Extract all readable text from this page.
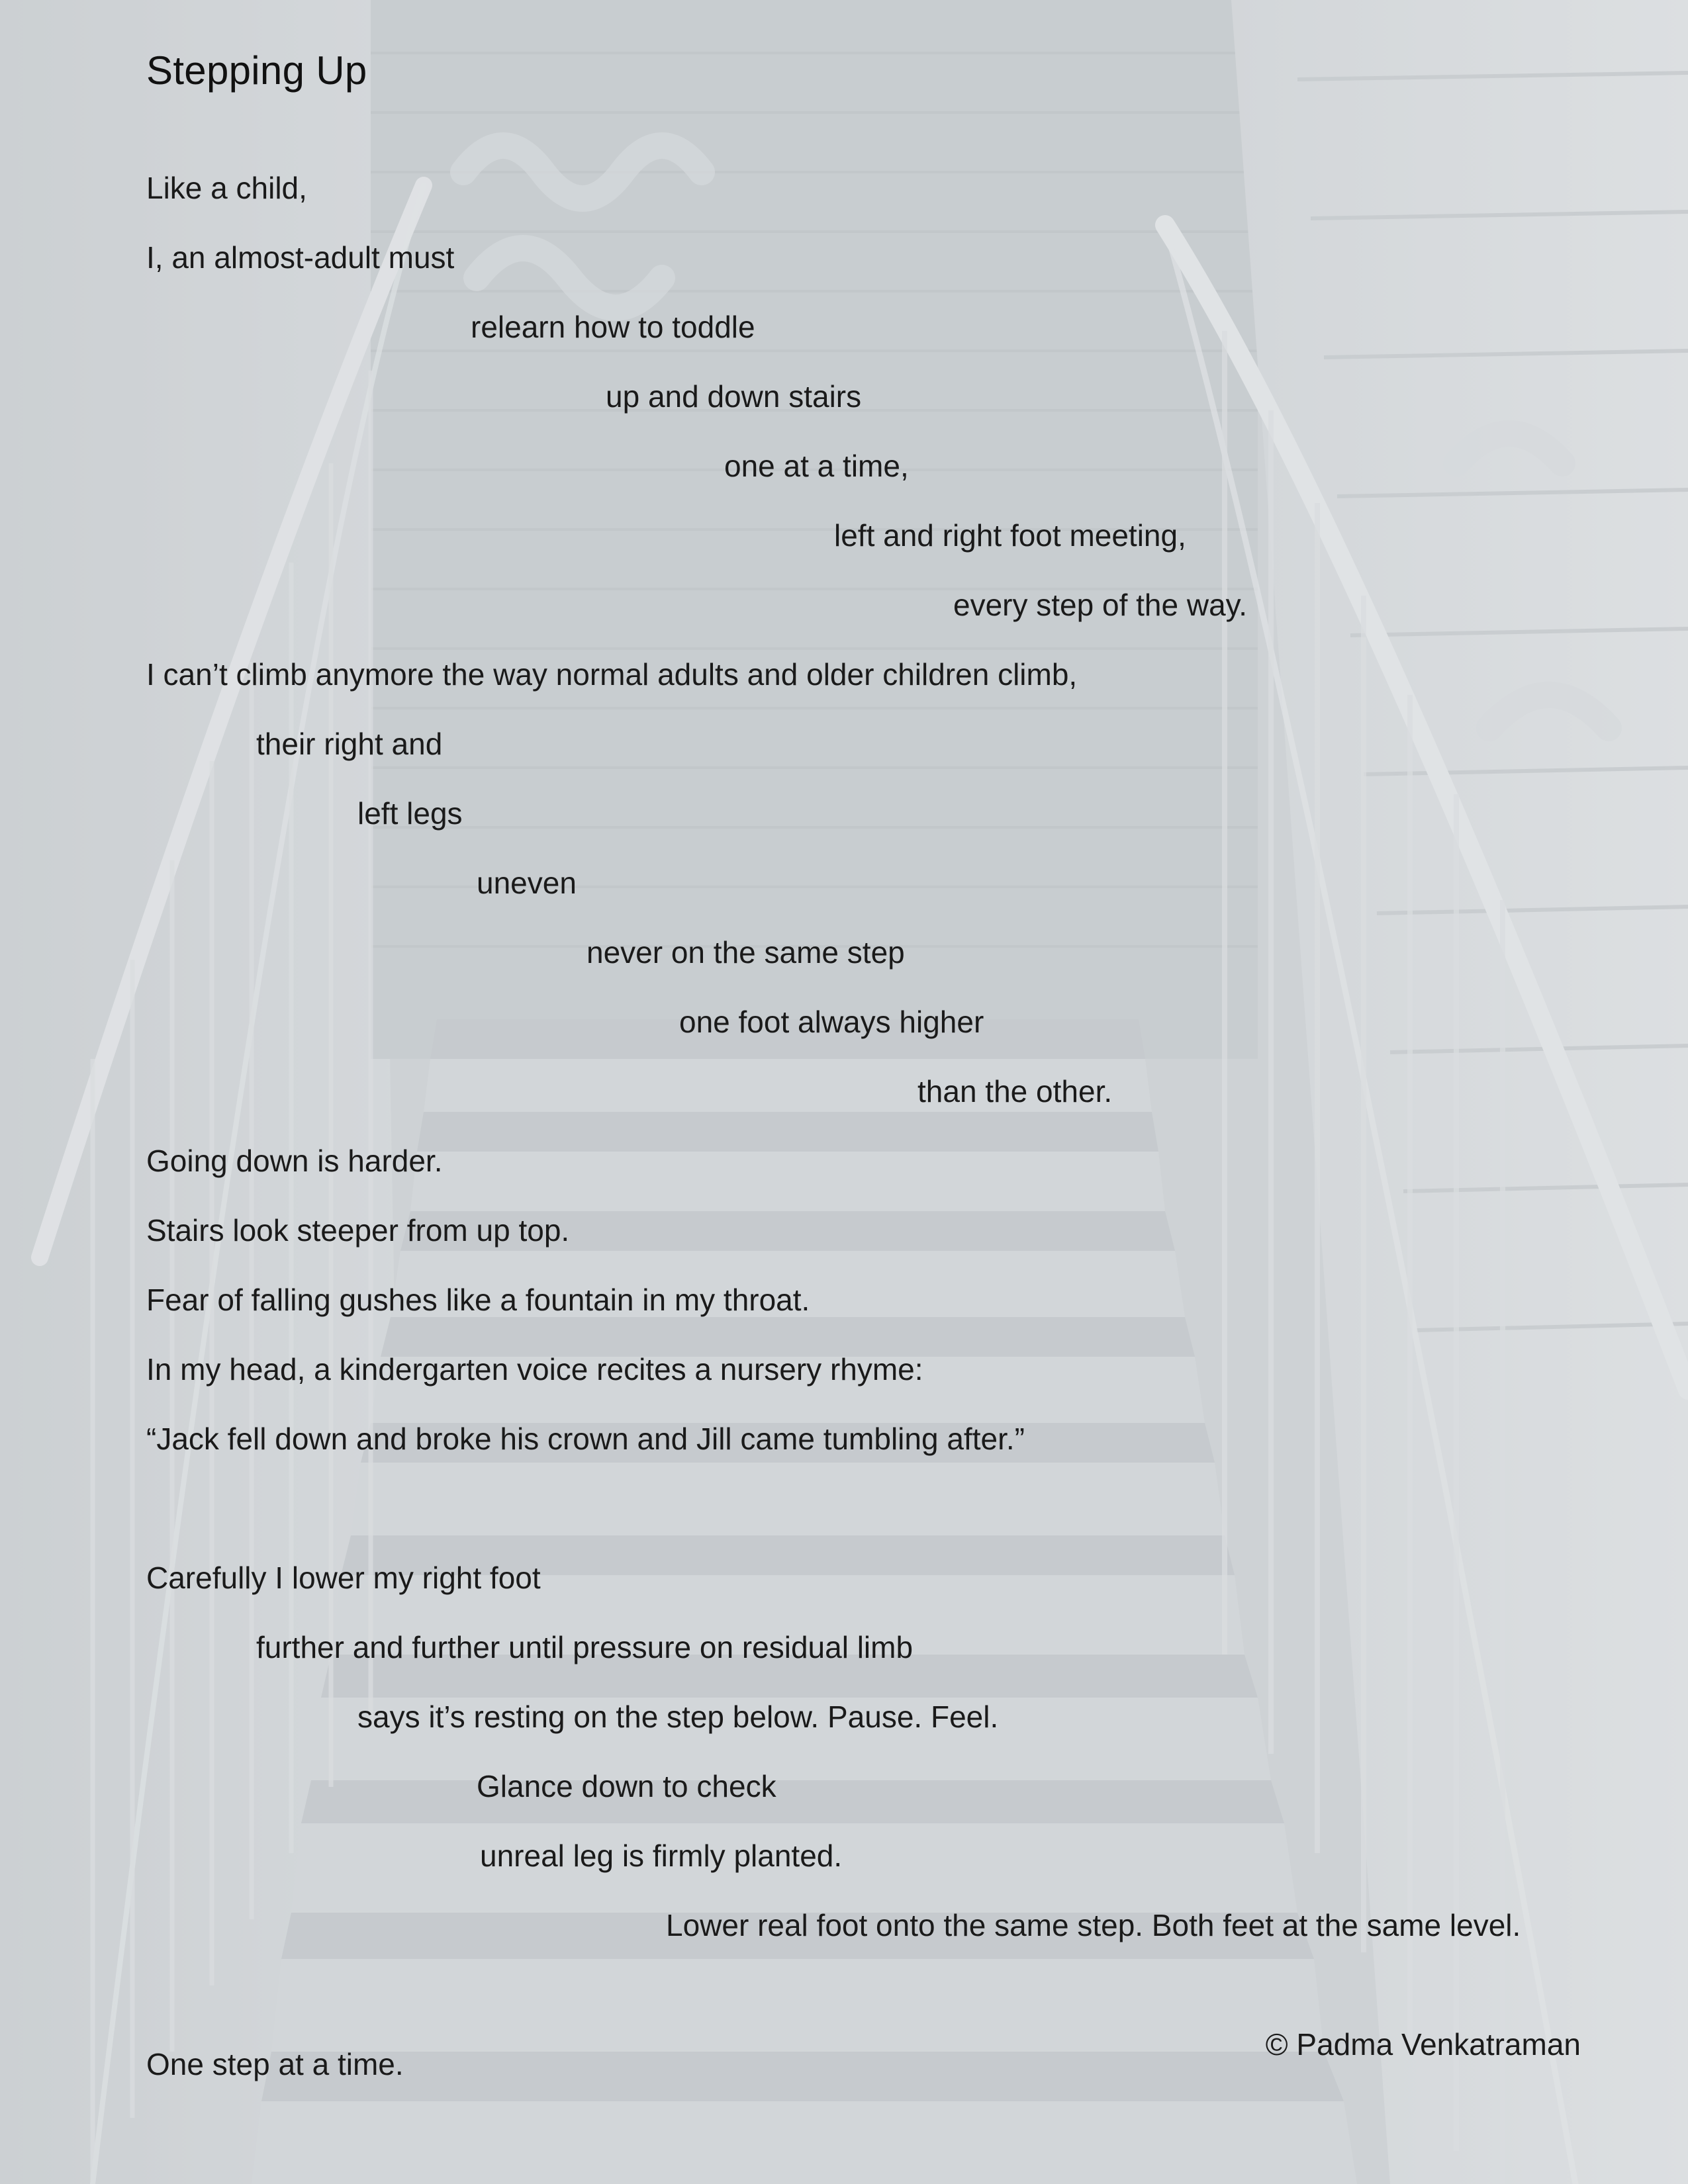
Stepping Up

Like a child,

I, an almost-adult must

relearn how to toddle

up and down stairs

one at a time,

left and right foot meeting,

every step of the way.

I can’t climb anymore the way normal adults and older children climb,

their right and

left legs

uneven

never on the same step

one foot always higher

than the other.

Going down is harder.

Stairs look steeper from up top.

Fear of falling gushes like a fountain in my throat.

In my head, a kindergarten voice recites a nursery rhyme:

“Jack fell down and broke his crown and Jill came tumbling after.”

Carefully I lower my right foot

further and further until pressure on residual limb

says it’s resting on the step below. Pause. Feel.

Glance down to check

unreal leg is firmly planted.

Lower real foot onto the same step. Both feet at the same level.

One step at a time.

© Padma Venkatraman
